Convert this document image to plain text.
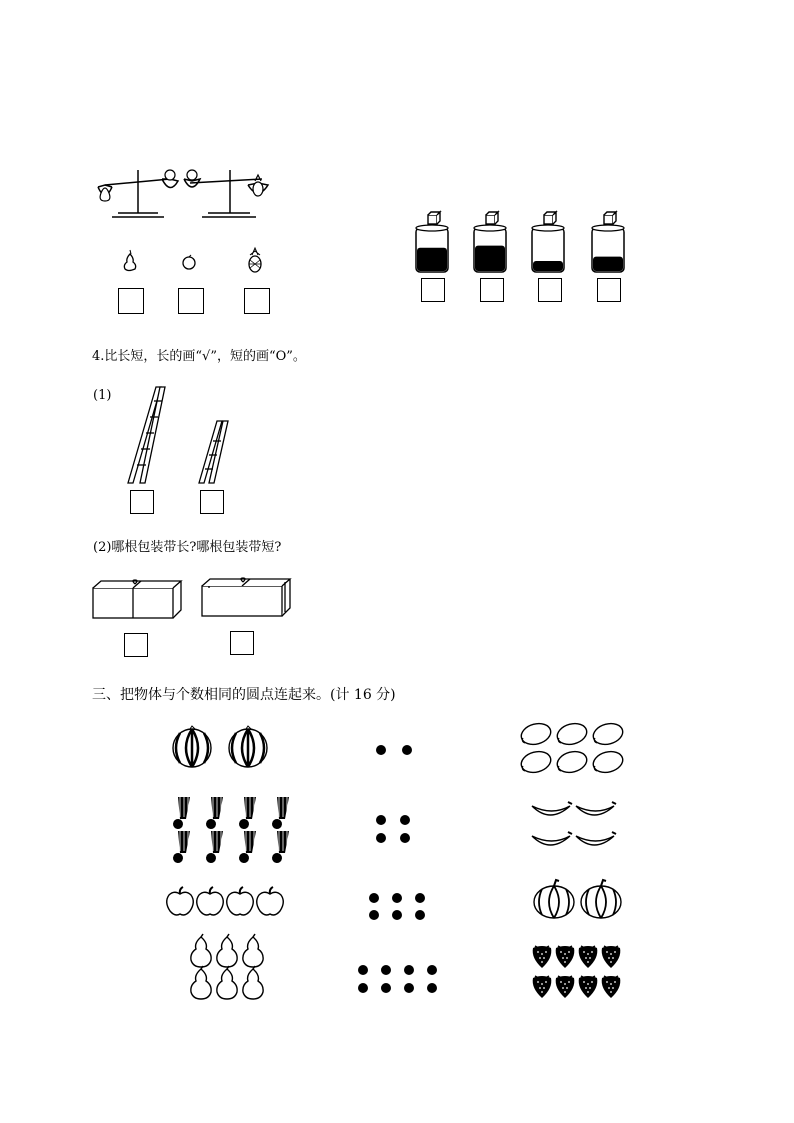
4.比长短，长的画“√”，短的画“O”。
(1)
(2)哪根包装带长?哪根包装带短?
三、把物体与个数相同的圆点连起来。(计 16 分)
